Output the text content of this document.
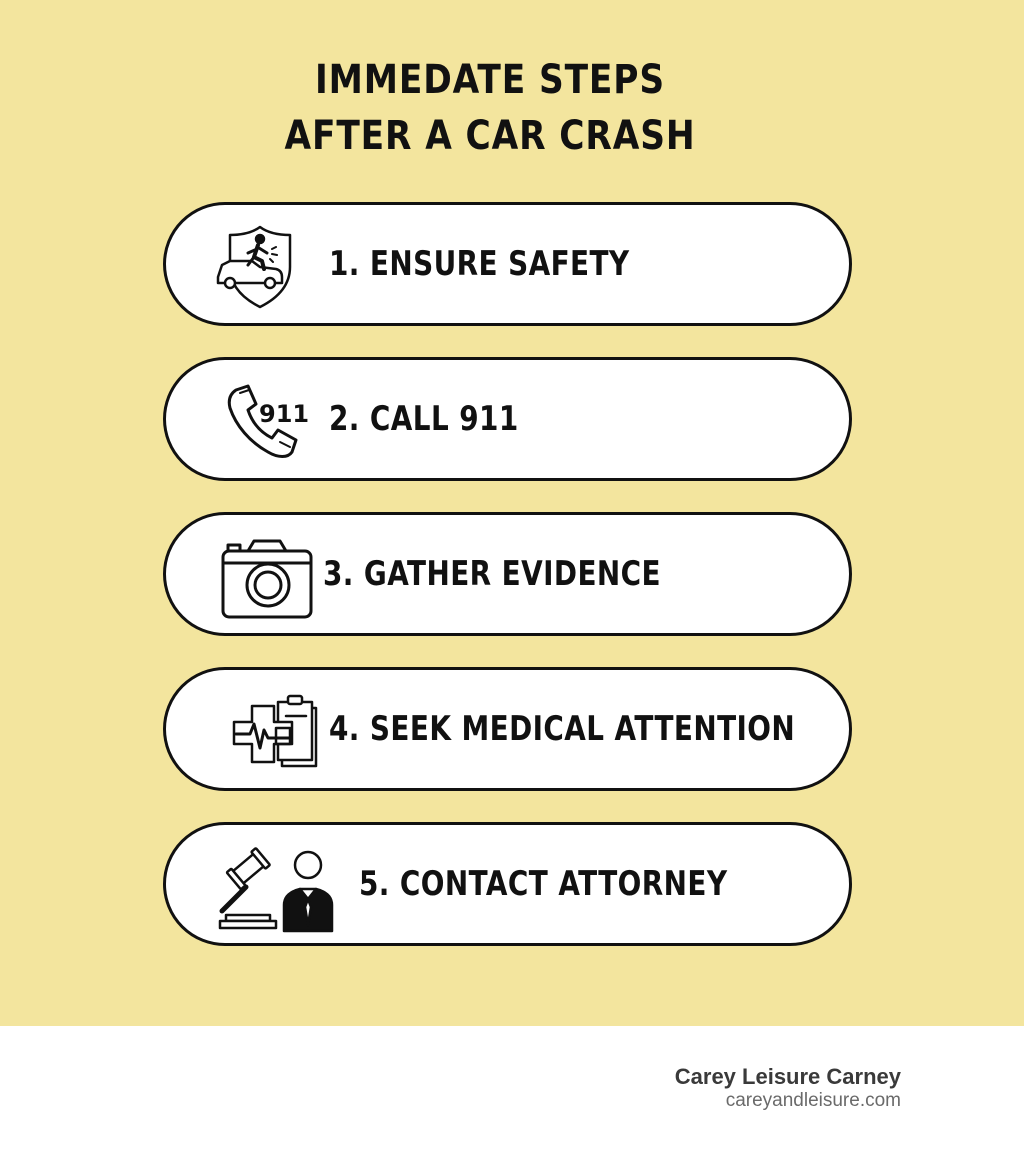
IMMEDATE STEPS
AFTER A CAR CRASH
1. ENSURE SAFETY
911 2. CALL 911
3. GATHER EVIDENCE
4. SEEK MEDICAL ATTENTION
5. CONTACT ATTORNEY
Carey Leisure Carney
careyandleisure.com
